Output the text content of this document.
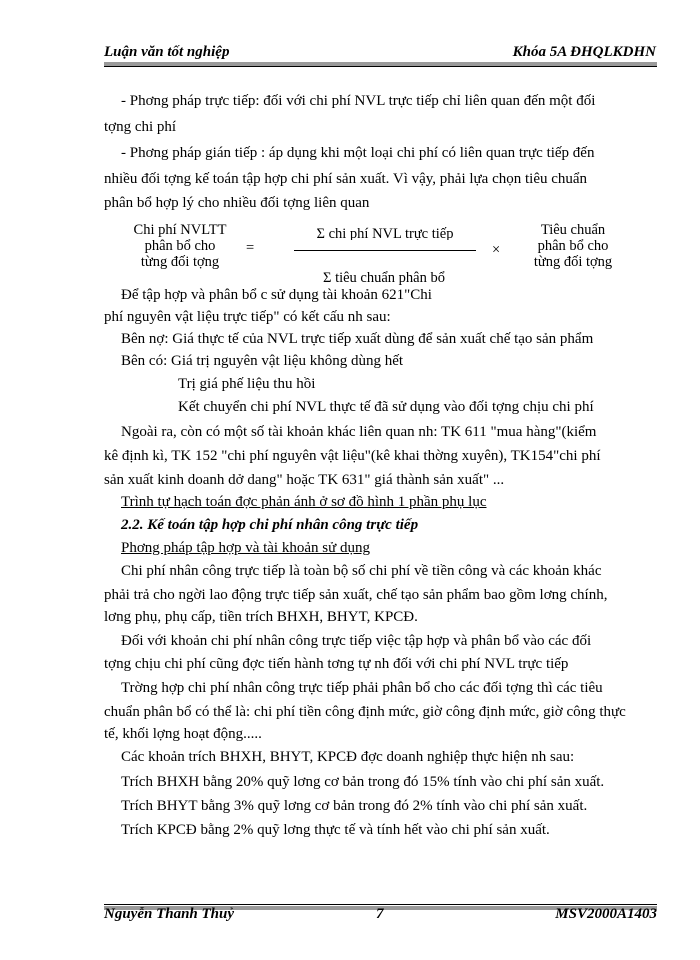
Luận văn tốt nghiệp	Khóa 5A ĐHQLKDHN
- Phơng pháp trực tiếp: đối với chi phí NVL trực tiếp chỉ liên quan đến một đối
tợng chi phí
- Phơng pháp gián tiếp : áp dụng khi một loại chi phí có liên quan trực tiếp đến
nhiều đối tợng kế toán tập hợp chi phí sản xuất. Vì vậy, phải lựa chọn tiêu chuẩn
phân bổ hợp lý cho nhiều đối tợng liên quan
Chi phí NVLTT
phân bổ cho
từng đối tợng
=
Σ chi phí NVL trực tiếp
Σ tiêu chuẩn phân bổ
×
Tiêu chuẩn
phân bổ cho
từng đối tợng
Để tập hợp và phân bổ c sử dụng tài khoản 621"Chi
phí nguyên vật liệu trực tiếp" có kết cấu nh sau:
Bên nợ: Giá thực tế của NVL trực tiếp xuất dùng để sản xuất chế tạo sản phẩm
Bên có: Giá trị nguyên vật liệu không dùng hết
Trị giá phế liệu thu hồi
Kết chuyển chi phí NVL thực tế đã sử dụng vào đối tợng chịu chi phí
Ngoài ra, còn có một số tài khoản khác liên quan nh: TK 611 "mua hàng"(kiểm
kê định kì, TK 152 "chi phí nguyên vật liệu"(kê khai thờng xuyên), TK154"chi phí
sản xuất kinh doanh dở dang" hoặc TK 631" giá thành sản xuất" ...
Trình tự hạch toán đợc phản ánh ở sơ đồ hình 1 phần phụ lục
2.2. Kế toán tập hợp chi phí nhân công trực tiếp
Phơng pháp tập hợp và tài khoản sử dụng
Chi phí nhân công trực tiếp là toàn bộ số chi phí về tiền công và các khoản khác
phải trả cho ngời lao động trực tiếp sản xuất, chế tạo sản phẩm bao gồm lơng chính,
lơng phụ, phụ cấp, tiền trích BHXH, BHYT, KPCĐ.
Đối với khoản chi phí nhân công trực tiếp việc tập hợp và phân bổ vào các đối
tợng chịu chi phí cũng đợc tiến hành tơng tự nh đối với chi phí NVL trực tiếp
Trờng hợp chi phí nhân công trực tiếp phải phân bổ cho các đối tợng thì các tiêu
chuẩn phân bổ có thể là: chi phí tiền công định mức, giờ công định mức, giờ công thực
tế, khối lợng hoạt động.....
Các khoản trích BHXH, BHYT, KPCĐ đợc doanh nghiệp thực hiện nh sau:
Trích BHXH bằng 20% quỹ lơng cơ bản trong đó 15% tính vào chi phí sản xuất.
Trích BHYT bằng 3% quỹ lơng cơ bản trong đó 2% tính vào chi phí sản xuất.
Trích KPCĐ bằng 2% quỹ lơng thực tế và tính hết vào chi phí sản xuất.
Nguyễn Thanh Thuỷ	7	MSV2000A1403
